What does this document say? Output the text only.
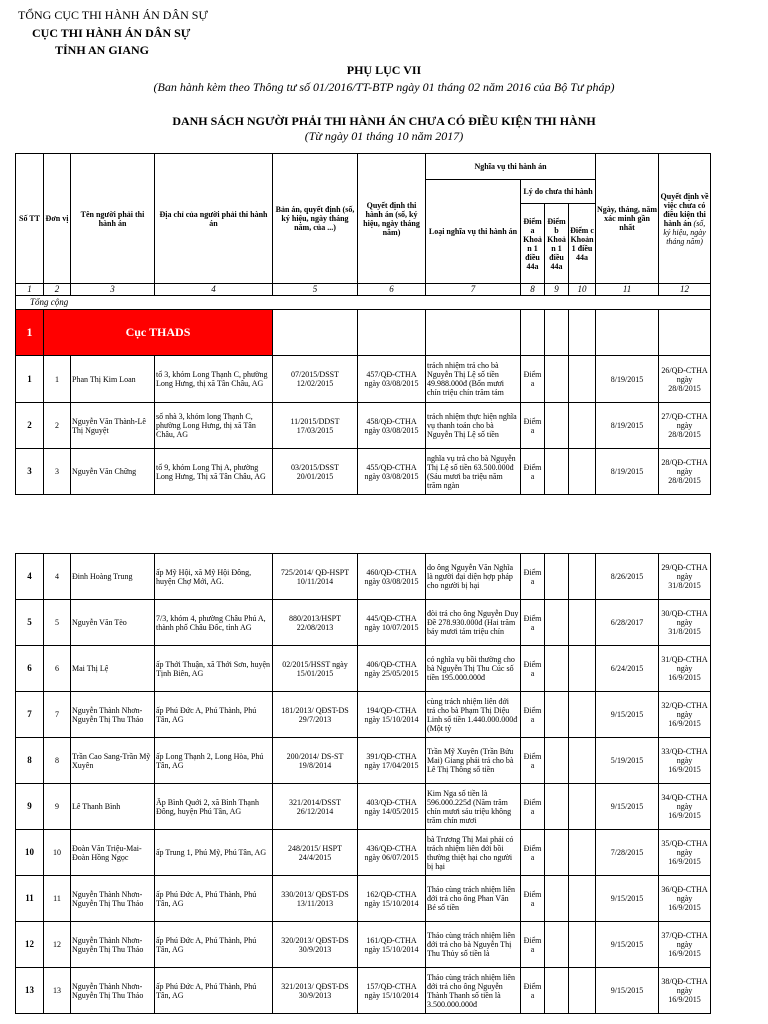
TỔNG CỤC THI HÀNH ÁN DÂN SỰ
CỤC THI HÀNH ÁN DÂN SỰ
TỈNH AN GIANG
PHỤ LỤC VII
(Ban hành kèm theo Thông tư số 01/2016/TT-BTP ngày 01 tháng 02 năm 2016 của Bộ Tư pháp)
DANH SÁCH NGƯỜI PHẢI THI HÀNH ÁN CHƯA CÓ ĐIỀU KIỆN THI HÀNH
(Từ ngày 01 tháng 10 năm 2017)
Số TT	Đơn vị	Tên người phải thi hành án	Địa chỉ của người phải thi hành án	Bản án, quyết định (số, ký hiệu, ngày tháng năm, của ...)	Quyết định thi hành án (số, ký hiệu, ngày tháng năm)	Nghĩa vụ thi hành án				Ngày, tháng, năm xác minh gần nhất	Quyết định về việc chưa có điều kiện thi hành án (số, ký hiệu, ngày tháng năm)
						Loại nghĩa vụ thi hành án	Lý do chưa thi hành				
							Điểm a Khoản 1 điều 44a	Điểm b Khoản 1 điều 44a	Điểm c Khoản 1 điều 44a		
1	2	3	4	5	6	7	8	9	10	11	12
Tổng cộng											
1	Cục THADS										

1	1	Phan Thị Kim Loan	tổ 3, khóm Long Thạnh C, phường Long Hưng, thị xã Tân Châu, AG	07/2015/DSST 12/02/2015	457/QĐ-CTHA ngày 03/08/2015	trách nhiệm trả cho bà Nguyễn Thị Lệ số tiền 49.988.000đ (Bốn mươi chín triệu chín trăm tám	Điểm a			8/19/2015	26/QĐ-CTHA ngày 28/8/2015

2	2	Nguyễn Văn Thành-Lê Thị Nguyệt	số nhà 3, khóm long Thạnh C, phường Long Hưng, thị xã Tân Châu, AG	11/2015/DDST 17/03/2015	458/QĐ-CTHA ngày 03/08/2015	trách nhiệm thực hiện nghĩa vụ thanh toán cho bà Nguyễn Thị Lệ số tiền	Điểm a			8/19/2015	27/QĐ-CTHA ngày 28/8/2015

3	3	Nguyễn Văn Chững	tổ 9, khóm Long Thị A, phường Long Hưng, Thị xã Tân Châu, AG	03/2015/DSST 20/01/2015	455/QĐ-CTHA ngày 03/08/2015	nghĩa vụ trả cho bà Nguyễn Thị Lệ số tiền 63.500.000đ (Sáu mươi ba triệu năm trăm ngàn	Điểm a			8/19/2015	28/QĐ-CTHA ngày 28/8/2015
4	4	Đinh Hoàng Trung	ấp Mỹ Hội, xã Mỹ Hội Đông, huyện Chợ Mới, AG.	725/2014/ QĐ-HSPT 10/11/2014	460/QĐ-CTHA ngày 03/08/2015	do ông Nguyễn Văn Nghĩa là người đại diện hợp pháp cho người bị hại	Điểm a			8/26/2015	29/QĐ-CTHA ngày 31/8/2015

5	5	Nguyễn Văn Tèo	7/3, khóm 4, phường Châu Phú A, thành phố Châu Đốc, tỉnh AG	880/2013/HSPT 22/08/2013	445/QĐ-CTHA ngày 10/07/2015	đòi trả cho ông Nguyễn Duy Đề 278.930.000đ (Hai trăm bảy mươi tám triệu chín	Điểm a			6/28/2017	30/QĐ-CTHA ngày 31/8/2015

6	6	Mai Thị Lệ	ấp Thới Thuận, xã Thới Sơn, huyện Tịnh Biên, AG	02/2015/HSST ngày 15/01/2015	406/QĐ-CTHA ngày 25/05/2015	có nghĩa vụ bồi thường cho bà Nguyễn Thị Thu Cúc số tiền 195.000.000đ	Điểm a			6/24/2015	31/QĐ-CTHA ngày 16/9/2015

7	7	Nguyễn Thành Nhơn-Nguyễn Thị Thu Thảo	ấp Phú Đức A, Phú Thành, Phú Tân, AG	181/2013/ QĐST-DS 29/7/2013	194/QĐ-CTHA ngày 15/10/2014	cùng trách nhiệm liên đới trả cho bà Phạm Thị Diệu Linh số tiền 1.440.000.000đ (Một tỷ	Điểm a			9/15/2015	32/QĐ-CTHA ngày 16/9/2015

8	8	Trần Cao Sang-Trần Mỹ Xuyên	ấp Long Thạnh 2, Long Hòa, Phú Tân, AG	200/2014/ DS-ST 19/8/2014	391/QĐ-CTHA ngày 17/04/2015	Trần Mỹ Xuyên (Trần Bửu Mai) Giang phải trả cho bà Lê Thị Thông số tiền	Điểm a			5/19/2015	33/QĐ-CTHA ngày 16/9/2015

9	9	Lê Thanh Bình	Ấp Bình Quới 2, xã Bình Thạnh Đông, huyện Phú Tân, AG	321/2014/DSST 26/12/2014	403/QĐ-CTHA ngày 14/05/2015	Kim Nga số tiền là 596.000.225đ (Năm trăm chín mươi sáu triệu không trăm chín mươi	Điểm a			9/15/2015	34/QĐ-CTHA ngày 16/9/2015

10	10	Đoàn Văn Triệu-Mai-Đoàn Hồng Ngọc	ấp Trung 1, Phú Mỹ, Phú Tân, AG	248/2015/ HSPT 24/4/2015	436/QĐ-CTHA ngày 06/07/2015	bà Trương Thị Mai phải có trách nhiệm liên đới bồi thường thiệt hại cho người bị hại	Điểm a			7/28/2015	35/QĐ-CTHA ngày 16/9/2015

11	11	Nguyễn Thành Nhơn-Nguyễn Thị Thu Thảo	ấp Phú Đức A, Phú Thành, Phú Tân, AG	330/2013/ QĐST-DS 13/11/2013	162/QĐ-CTHA ngày 15/10/2014	Thảo cùng trách nhiệm liên đới trả cho ông Phan Văn Bé số tiền	Điểm a			9/15/2015	36/QĐ-CTHA ngày 16/9/2015

12	12	Nguyễn Thành Nhơn-Nguyễn Thị Thu Thảo	ấp Phú Đức A, Phú Thành, Phú Tân, AG	320/2013/ QĐST-DS 30/9/2013	161/QĐ-CTHA ngày 15/10/2014	Thảo cùng trách nhiệm liên đới trả cho bà Nguyễn Thị Thu Thủy số tiền là	Điểm a			9/15/2015	37/QĐ-CTHA ngày 16/9/2015

13	13	Nguyễn Thành Nhơn-Nguyễn Thị Thu Thảo	ấp Phú Đức A, Phú Thành, Phú Tân, AG	321/2013/ QĐST-DS 30/9/2013	157/QĐ-CTHA ngày 15/10/2014	Thảo cùng trách nhiệm liên đới trả cho ông Nguyễn Thành Thanh số tiền là 3.500.000.000đ	Điểm a			9/15/2015	38/QĐ-CTHA ngày 16/9/2015
